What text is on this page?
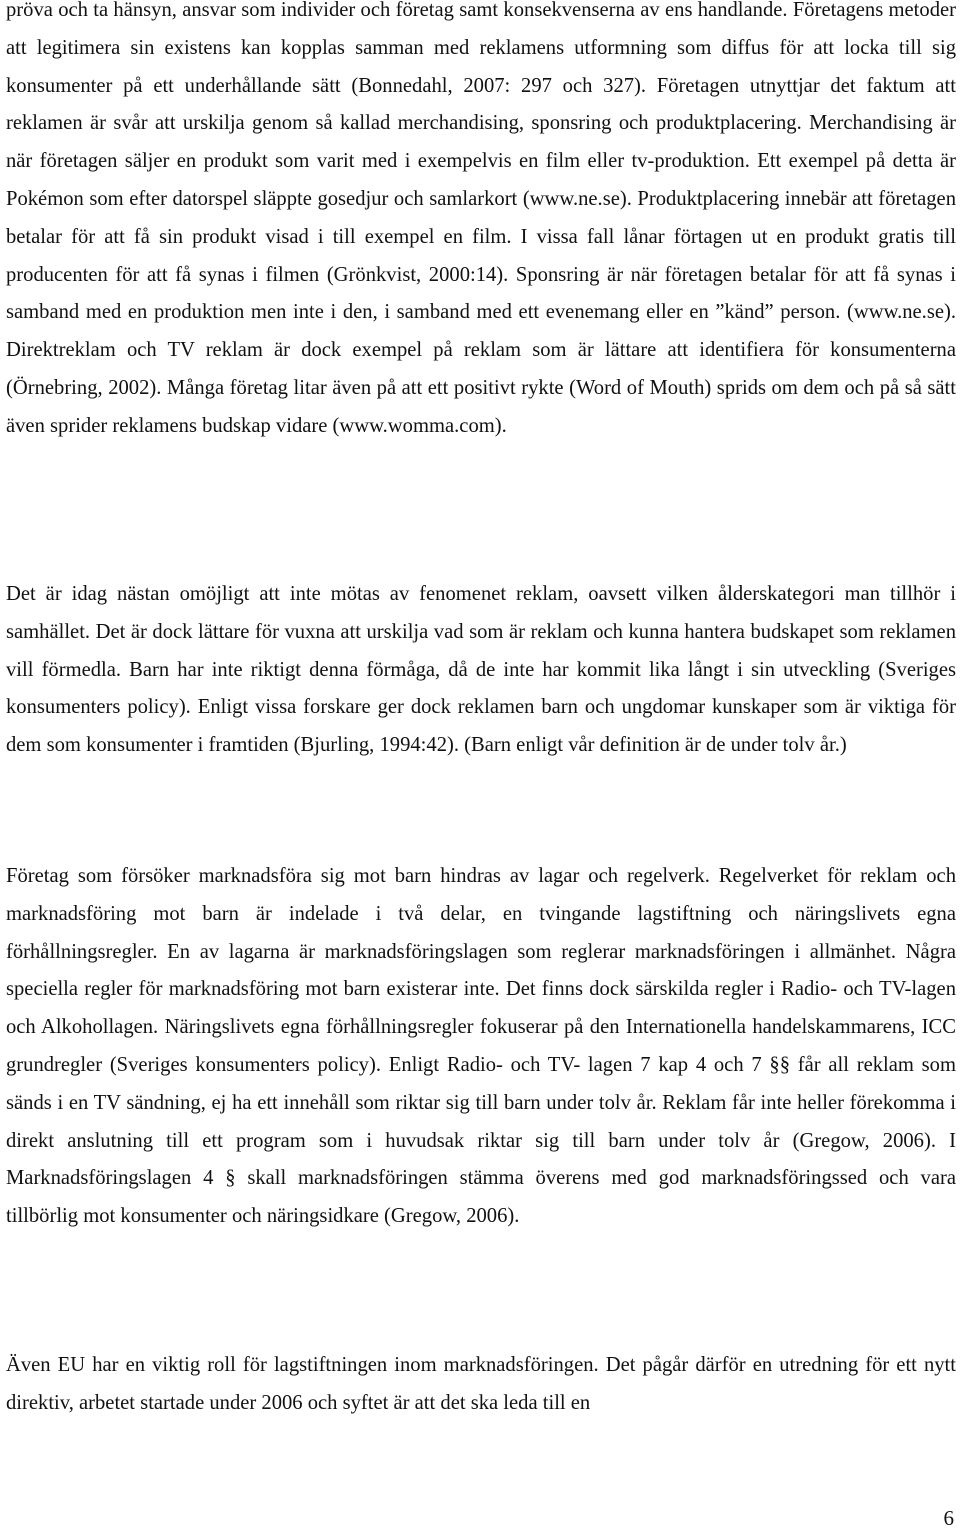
pröva och ta hänsyn, ansvar som individer och företag samt konsekvenserna av ens handlande. Företagens metoder att legitimera sin existens kan kopplas samman med reklamens utformning som diffus för att locka till sig konsumenter på ett underhållande sätt (Bonnedahl, 2007: 297 och 327). Företagen utnyttjar det faktum att reklamen är svår att urskilja genom så kallad merchandising, sponsring och produktplacering. Merchandising är när företagen säljer en produkt som varit med i exempelvis en film eller tv-produktion. Ett exempel på detta är Pokémon som efter datorspel släppte gosedjur och samlarkort (www.ne.se). Produktplacering innebär att företagen betalar för att få sin produkt visad i till exempel en film. I vissa fall lånar förtagen ut en produkt gratis till producenten för att få synas i filmen (Grönkvist, 2000:14). Sponsring är när företagen betalar för att få synas i samband med en produktion men inte i den, i samband med ett evenemang eller en ”känd” person. (www.ne.se). Direktreklam och TV reklam är dock exempel på reklam som är lättare att identifiera för konsumenterna (Örnebring, 2002). Många företag litar även på att ett positivt rykte (Word of Mouth) sprids om dem och på så sätt även sprider reklamens budskap vidare (www.womma.com).

Det är idag nästan omöjligt att inte mötas av fenomenet reklam, oavsett vilken ålderskategori man tillhör i samhället. Det är dock lättare för vuxna att urskilja vad som är reklam och kunna hantera budskapet som reklamen vill förmedla. Barn har inte riktigt denna förmåga, då de inte har kommit lika långt i sin utveckling (Sveriges konsumenters policy). Enligt vissa forskare ger dock reklamen barn och ungdomar kunskaper som är viktiga för dem som konsumenter i framtiden (Bjurling, 1994:42). (Barn enligt vår definition är de under tolv år.)

Företag som försöker marknadsföra sig mot barn hindras av lagar och regelverk. Regelverket för reklam och marknadsföring mot barn är indelade i två delar, en tvingande lagstiftning och näringslivets egna förhållningsregler. En av lagarna är marknadsföringslagen som reglerar marknadsföringen i allmänhet. Några speciella regler för marknadsföring mot barn existerar inte. Det finns dock särskilda regler i Radio- och TV-lagen och Alkohollagen. Näringslivets egna förhållningsregler fokuserar på den Internationella handelskammarens, ICC grundregler (Sveriges konsumenters policy). Enligt Radio- och TV- lagen 7 kap 4 och 7 §§ får all reklam som sänds i en TV sändning, ej ha ett innehåll som riktar sig till barn under tolv år. Reklam får inte heller förekomma i direkt anslutning till ett program som i huvudsak riktar sig till barn under tolv år (Gregow, 2006). I Marknadsföringslagen 4 § skall marknadsföringen stämma överens med god marknadsföringssed och vara tillbörlig mot konsumenter och näringsidkare (Gregow, 2006).

Även EU har en viktig roll för lagstiftningen inom marknadsföringen. Det pågår därför en utredning för ett nytt direktiv, arbetet startade under 2006 och syftet är att det ska leda till en

6
